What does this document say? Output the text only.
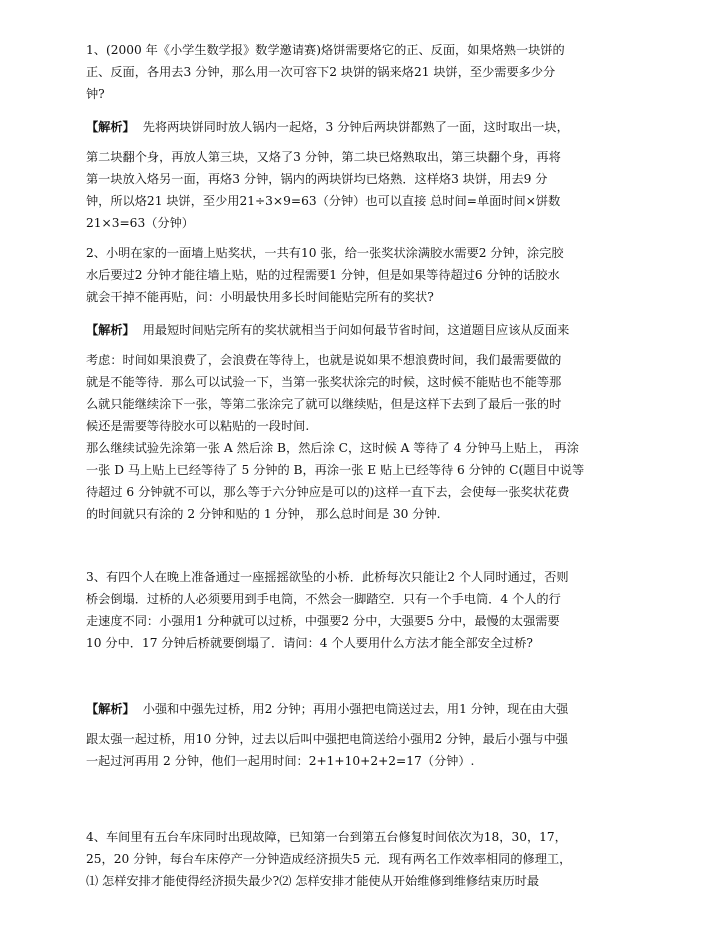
1、(2000 年《小学生数学报》数学邀请赛)烙饼需要烙它的正、反面，如果烙熟一块饼的
正、反面，各用去3 分钟，那么用一次可容下2 块饼的锅来烙21 块饼，至少需要多少分
钟?
【解析】 先将两块饼同时放人锅内一起烙，3 分钟后两块饼都熟了一面，这时取出一块，
第二块翻个身，再放人第三块，又烙了3 分钟，第二块已烙熟取出，第三块翻个身，再将
第一块放入烙另一面，再烙3 分钟，锅内的两块饼均已烙熟．这样烙3 块饼，用去9 分
钟，所以烙21 块饼，至少用21÷3×9=63（分钟）也可以直接 总时间=单面时间×饼数
21×3=63（分钟）
2、小明在家的一面墙上贴奖状，一共有10 张，给一张奖状涂满胶水需要2 分钟，涂完胶
水后要过2 分钟才能往墙上贴，贴的过程需要1 分钟，但是如果等待超过6 分钟的话胶水
就会干掉不能再贴，问：小明最快用多长时间能贴完所有的奖状?
【解析】 用最短时间贴完所有的奖状就相当于问如何最节省时间，这道题目应该从反面来
考虑：时间如果浪费了，会浪费在等待上，也就是说如果不想浪费时间，我们最需要做的
就是不能等待．那么可以试验一下，当第一张奖状涂完的时候，这时候不能贴也不能等那
么就只能继续涂下一张，等第二张涂完了就可以继续贴，但是这样下去到了最后一张的时
候还是需要等待胶水可以粘贴的一段时间.
那么继续试验先涂第一张 A 然后涂 B，然后涂 C，这时候 A 等待了 4 分钟马上贴上， 再涂
一张 D 马上贴上已经等待了 5 分钟的 B，再涂一张 E 贴上已经等待 6 分钟的 C(题目中说等
待超过 6 分钟就不可以，那么等于六分钟应是可以的)这样一直下去，会使每一张奖状花费
的时间就只有涂的 2 分钟和贴的 1 分钟， 那么总时间是 30 分钟.
3、有四个人在晚上准备通过一座摇摇欲坠的小桥．此桥每次只能让2 个人同时通过，否则
桥会倒塌．过桥的人必须要用到手电筒，不然会一脚踏空．只有一个手电筒．4 个人的行
走速度不同：小强用1 分种就可以过桥，中强要2 分中，大强要5 分中，最慢的太强需要
10 分中．17 分钟后桥就要倒塌了．请问：4 个人要用什么方法才能全部安全过桥?
【解析】 小强和中强先过桥，用2 分钟；再用小强把电筒送过去，用1 分钟，现在由大强
跟太强一起过桥，用10 分钟，过去以后叫中强把电筒送给小强用2 分钟，最后小强与中强
一起过河再用 2 分钟，他们一起用时间：2+1+10+2+2=17（分钟）.
4、车间里有五台车床同时出现故障，已知第一台到第五台修复时间依次为18，30，17，
25，20 分钟，每台车床停产一分钟造成经济损失5 元．现有两名工作效率相同的修理工，
⑴ 怎样安排才能使得经济损失最少?⑵ 怎样安排才能使从开始维修到维修结束历时最
